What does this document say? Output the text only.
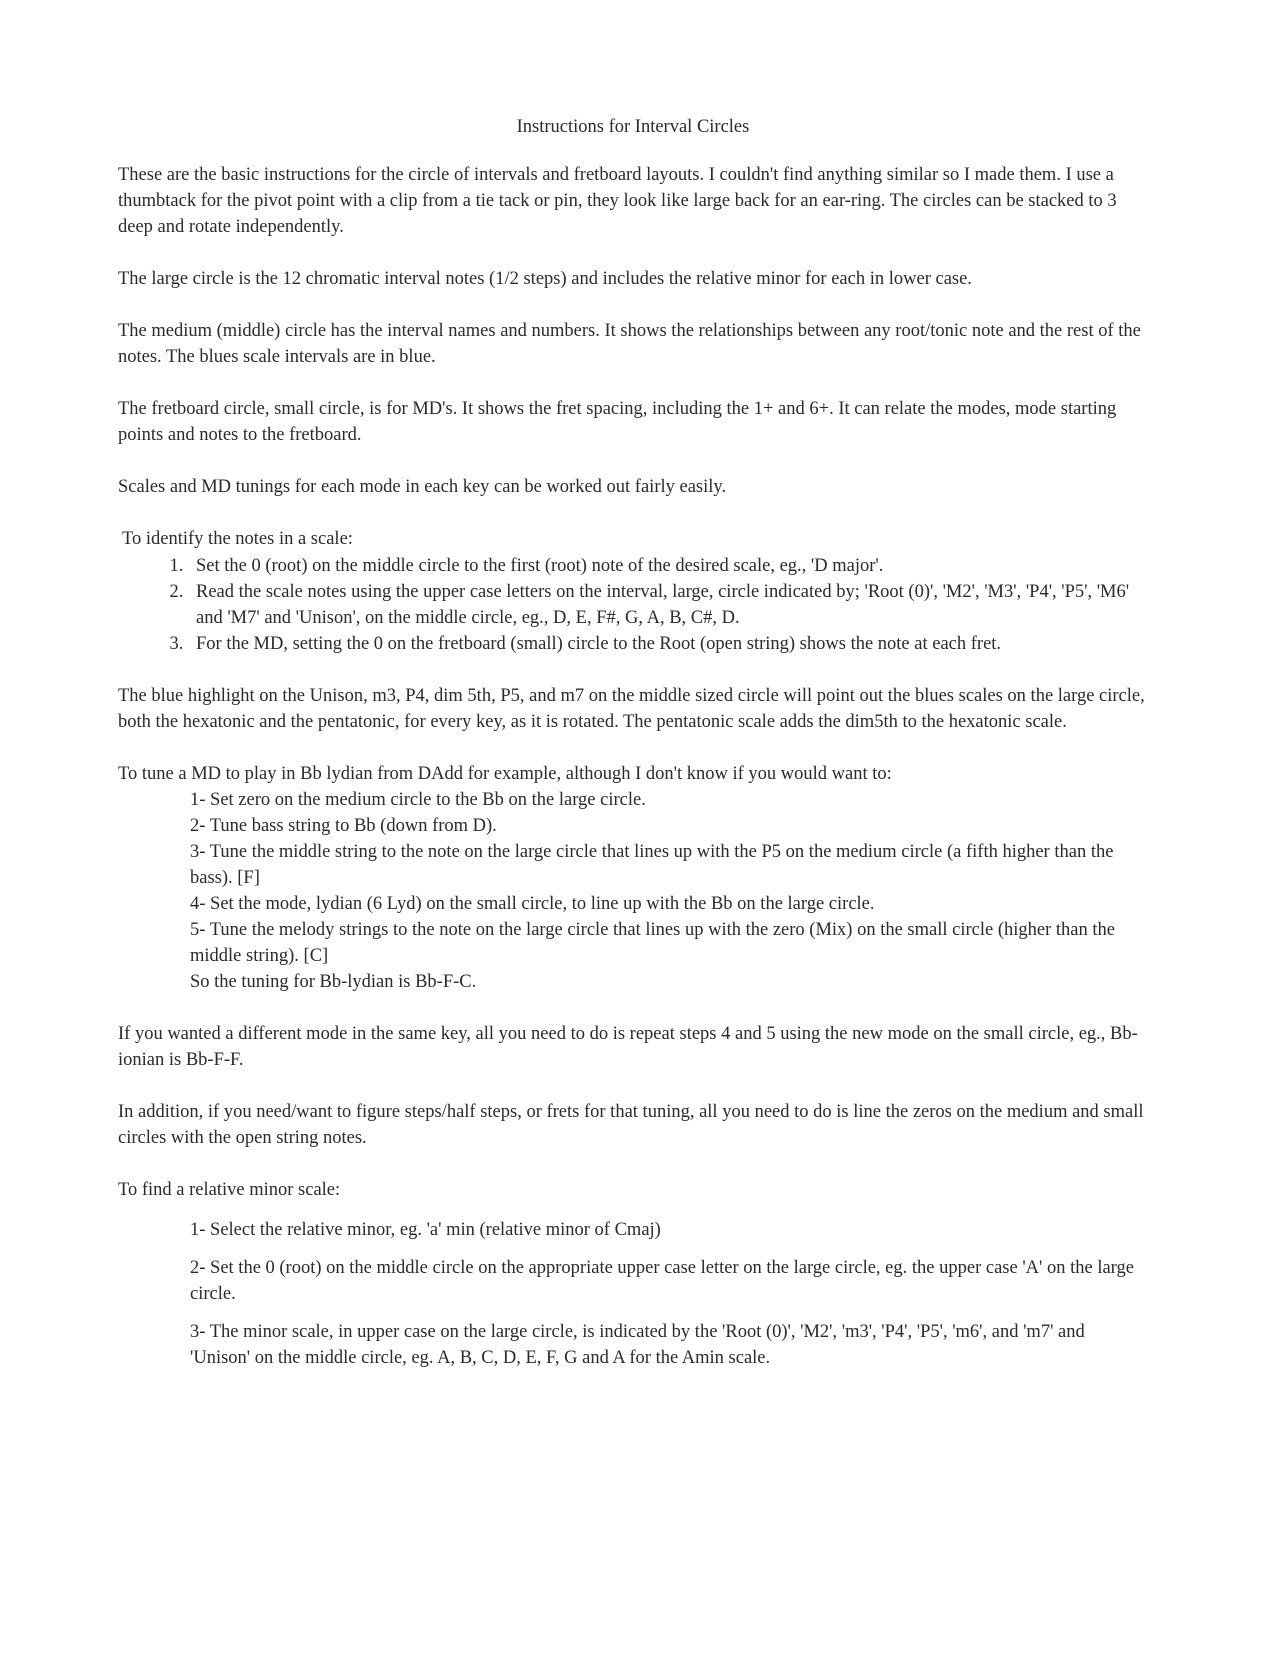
Instructions for Interval Circles

These are the basic instructions for the circle of intervals and fretboard layouts. I couldn't find anything similar so I made them. I use a thumbtack for the pivot point with a clip from a tie tack or pin, they look like large back for an ear-ring. The circles can be stacked to 3 deep and rotate independently.

The large circle is the 12 chromatic interval notes (1/2 steps) and includes the relative minor for each in lower case.

The medium (middle) circle has the interval names and numbers. It shows the relationships between any root/tonic note and the rest of the notes. The blues scale intervals are in blue.

The fretboard circle, small circle, is for MD's. It shows the fret spacing, including the 1+ and 6+. It can relate the modes, mode starting points and notes to the fretboard.

Scales and MD tunings for each mode in each key can be worked out fairly easily.

To identify the notes in a scale:
1. Set the 0 (root) on the middle circle to the first (root) note of the desired scale, eg., 'D major'.
2. Read the scale notes using the upper case letters on the interval, large, circle indicated by; 'Root (0)', 'M2', 'M3', 'P4', 'P5', 'M6' and 'M7' and 'Unison', on the middle circle, eg., D, E, F#, G, A, B, C#, D.
3. For the MD, setting the 0 on the fretboard (small) circle to the Root (open string) shows the note at each fret.

The blue highlight on the Unison, m3, P4, dim 5th, P5, and m7 on the middle sized circle will point out the blues scales on the large circle, both the hexatonic and the pentatonic, for every key, as it is rotated. The pentatonic scale adds the dim5th to the hexatonic scale.

To tune a MD to play in Bb lydian from DAdd for example, although I don't know if you would want to:
1- Set zero on the medium circle to the Bb on the large circle.
2- Tune bass string to Bb (down from D).
3- Tune the middle string to the note on the large circle that lines up with the P5 on the medium circle (a fifth higher than the bass). [F]
4- Set the mode, lydian (6 Lyd) on the small circle, to line up with the Bb on the large circle.
5- Tune the melody strings to the note on the large circle that lines up with the zero (Mix) on the small circle (higher than the middle string). [C]
So the tuning for Bb-lydian is Bb-F-C.

If you wanted a different mode in the same key, all you need to do is repeat steps 4 and 5 using the new mode on the small circle, eg., Bb-ionian is Bb-F-F.

In addition, if you need/want to figure steps/half steps, or frets for that tuning, all you need to do is line the zeros on the medium and small circles with the open string notes.

To find a relative minor scale:
1- Select the relative minor, eg. 'a' min (relative minor of Cmaj)
2- Set the 0 (root) on the middle circle on the appropriate upper case letter on the large circle, eg. the upper case 'A' on the large circle.
3- The minor scale, in upper case on the large circle, is indicated by the 'Root (0)', 'M2', 'm3', 'P4', 'P5', 'm6', and 'm7' and 'Unison' on the middle circle, eg. A, B, C, D, E, F, G and A for the Amin scale.
